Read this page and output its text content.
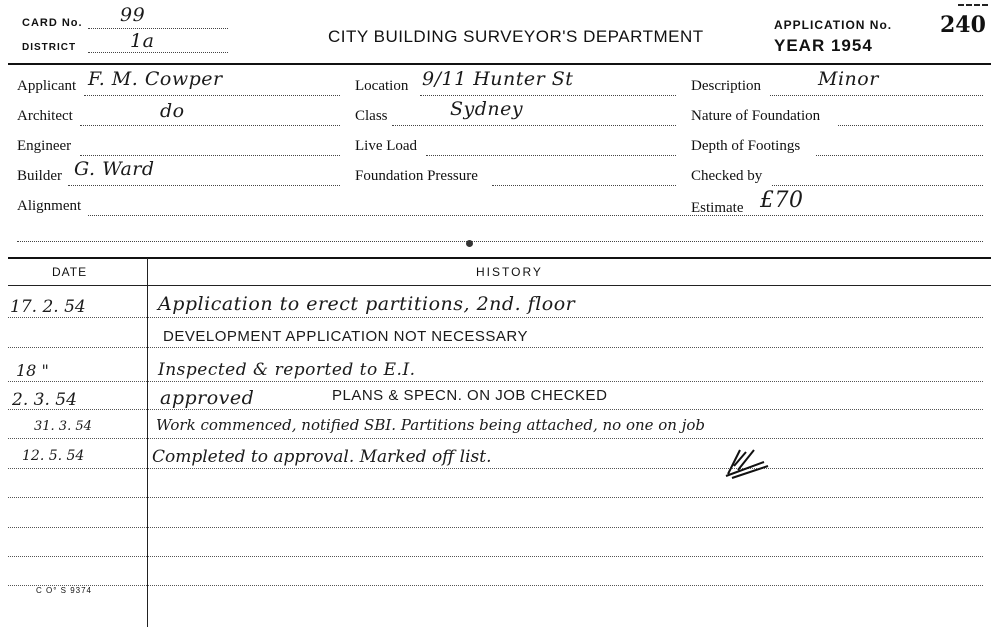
CARD No. 99
DISTRICT	1a	CITY BUILDING SURVEYOR'S DEPARTMENT
APPLICATION No. 240
YEAR 1954
Applicant F. M. Cowper
Architect	do
Engineer
Builder G. Ward
Alignment
Location 9/11 Hunter St
Class	Sydney
Live Load
Foundation Pressure
Description	Minor
Nature of Foundation
Depth of Footings
Checked by
Estimate £70
DATE	HISTORY
17. 2. 54	Application to erect partitions, 2nd. floor
DEVELOPMENT APPLICATION NOT NECESSARY
18 "	Inspected & reported to E.I.
2. 3. 54	approved	PLANS & SPECN. ON JOB CHECKED
31. 3. 54	Work commenced, notified SBI. Partitions being attached, no one on job
12. 5. 54	Completed to approval. Marked off list.
C O° S 9374
